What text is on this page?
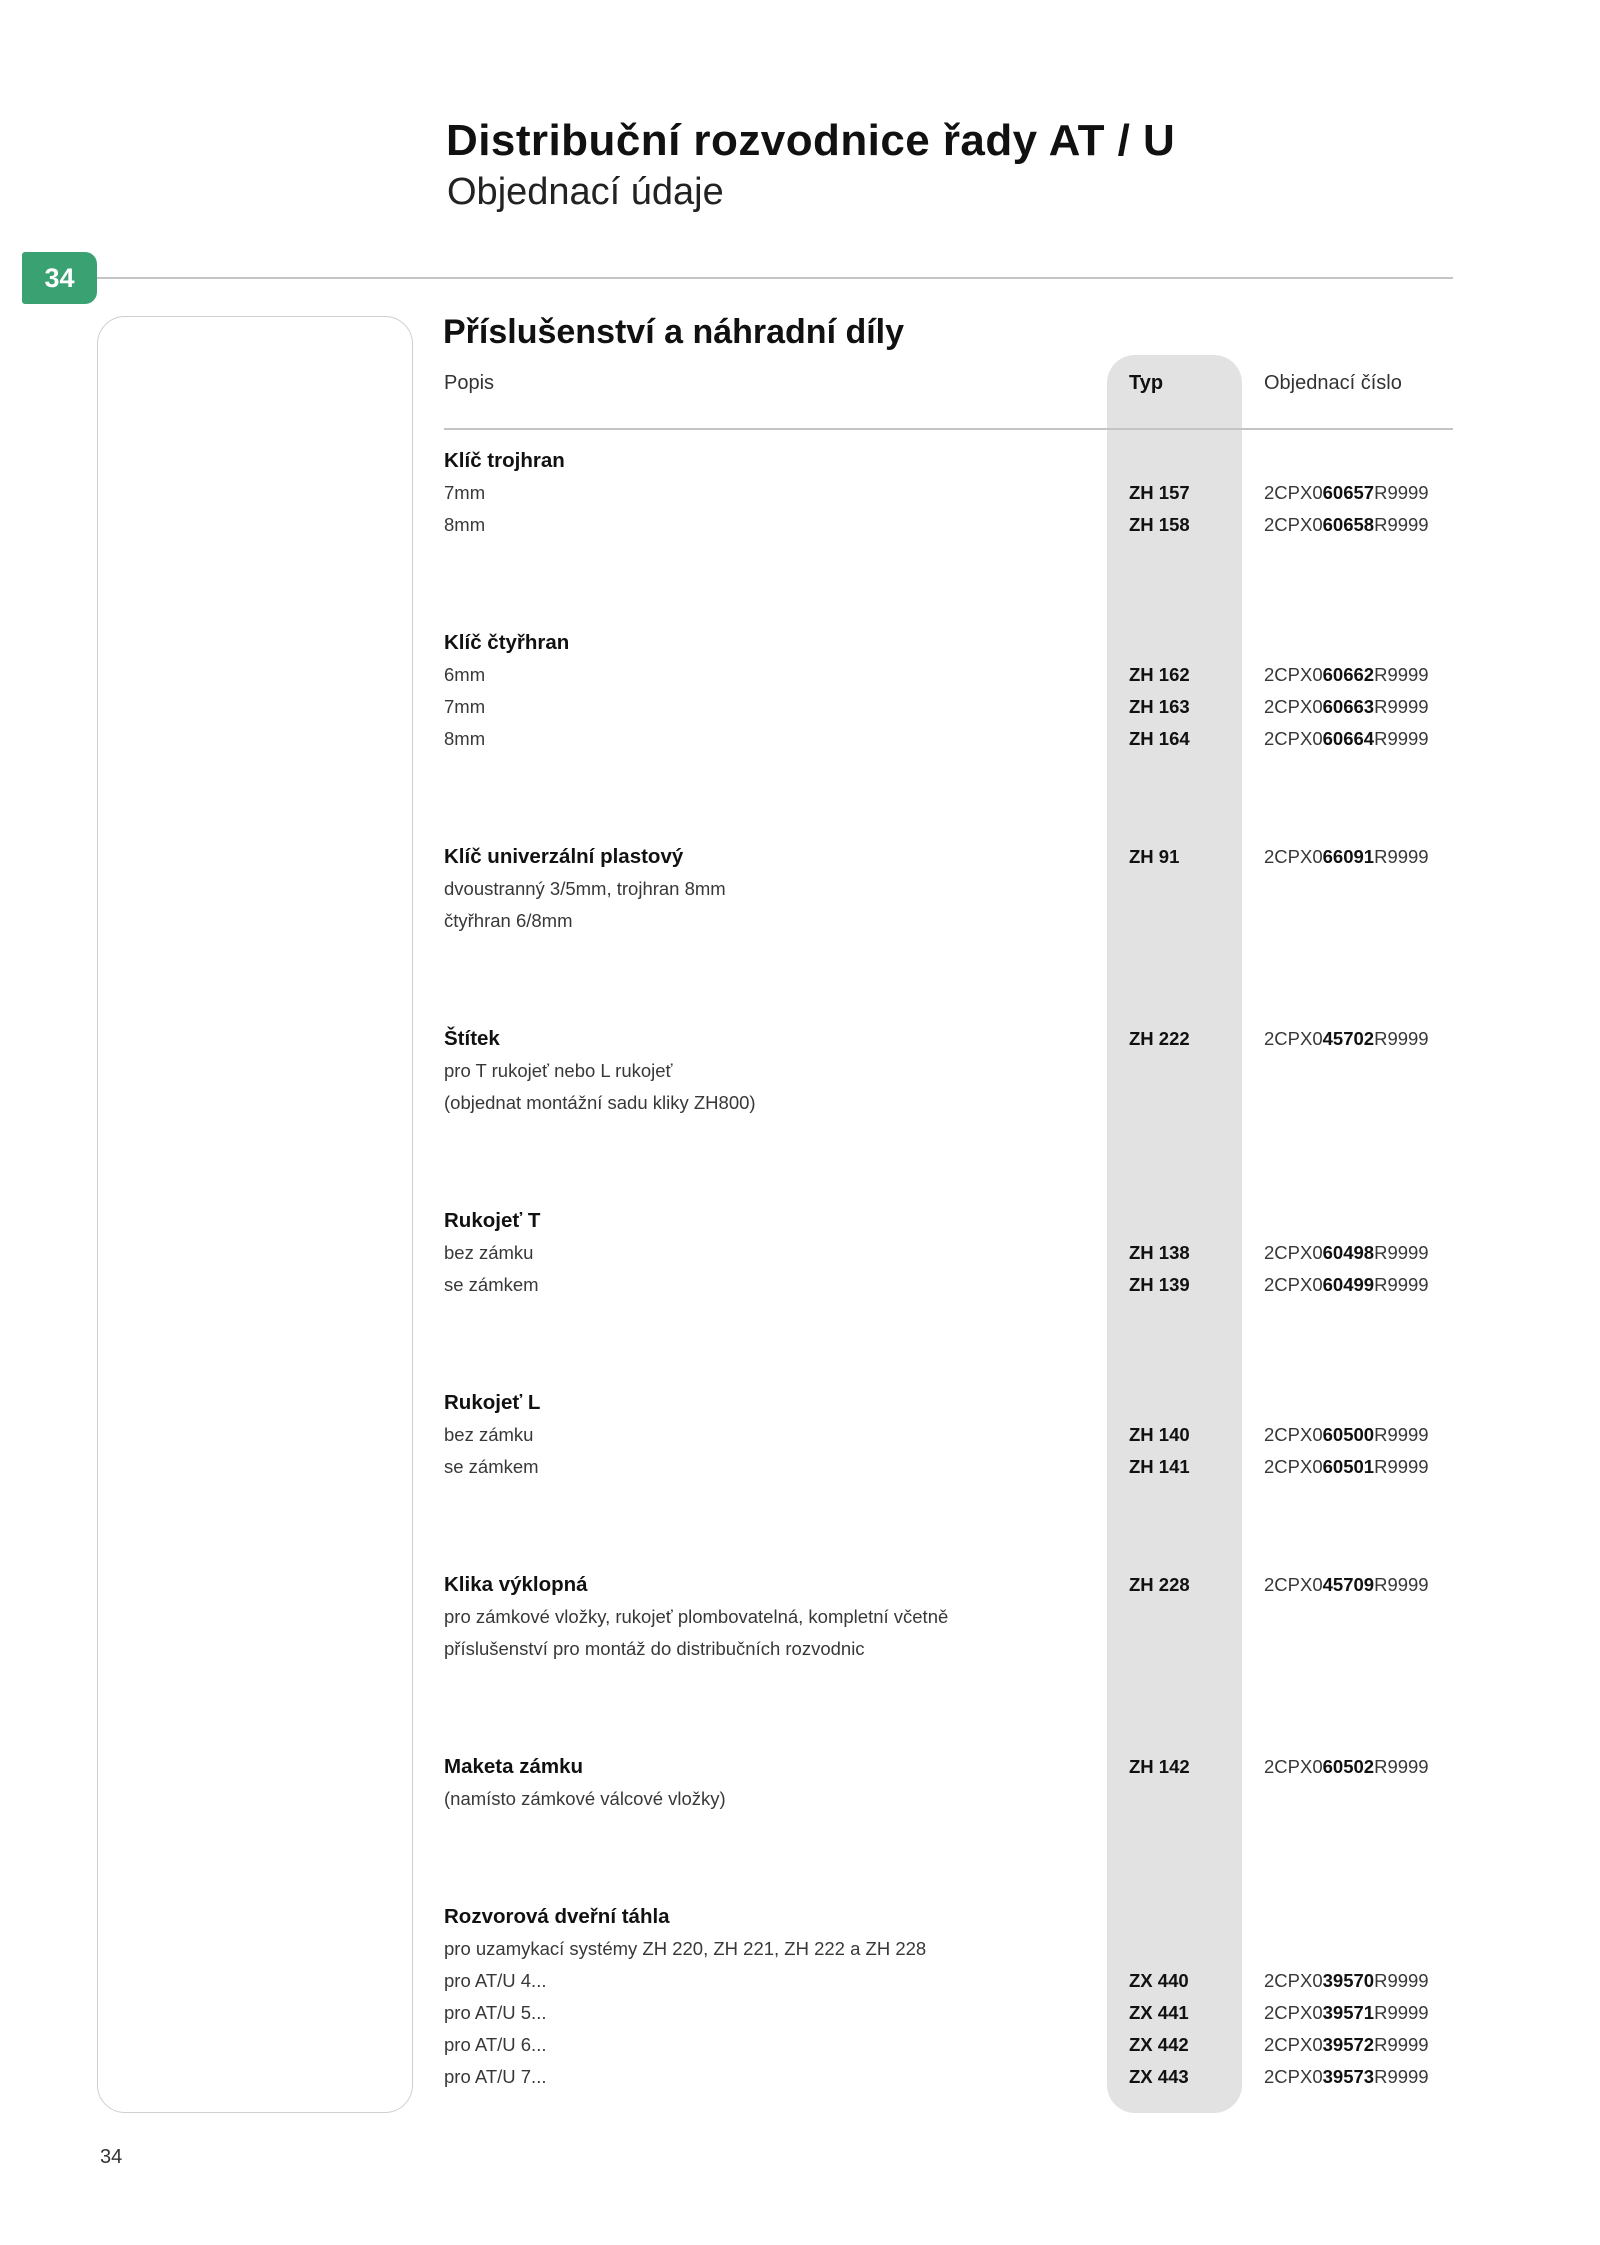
Distribuční rozvodnice řady AT / U
Objednací údaje
34
Příslušenství a náhradní díly
Popis	Typ	Objednací číslo
Klíč trojhran
7mm	ZH 157	2CPX060657R9999
8mm	ZH 158	2CPX060658R9999
Klíč čtyřhran
6mm	ZH 162	2CPX060662R9999
7mm	ZH 163	2CPX060663R9999
8mm	ZH 164	2CPX060664R9999
Klíč univerzální plastový	ZH 91	2CPX066091R9999
dvoustranný 3/5mm, trojhran 8mm
čtyřhran 6/8mm
Štítek	ZH 222	2CPX045702R9999
pro T rukojeť nebo L rukojeť
(objednat montážní sadu kliky ZH800)
Rukojeť T
bez zámku	ZH 138	2CPX060498R9999
se zámkem	ZH 139	2CPX060499R9999
Rukojeť L
bez zámku	ZH 140	2CPX060500R9999
se zámkem	ZH 141	2CPX060501R9999
Klika výklopná	ZH 228	2CPX045709R9999
pro zámkové vložky, rukojeť plombovatelná, kompletní včetně
příslušenství pro montáž do distribučních rozvodnic
Maketa zámku	ZH 142	2CPX060502R9999
(namísto zámkové válcové vložky)
Rozvorová dveřní táhla
pro uzamykací systémy ZH 220, ZH 221, ZH 222 a ZH 228
pro AT/U 4...	ZX 440	2CPX039570R9999
pro AT/U 5...	ZX 441	2CPX039571R9999
pro AT/U 6...	ZX 442	2CPX039572R9999
pro AT/U 7...	ZX 443	2CPX039573R9999
34
